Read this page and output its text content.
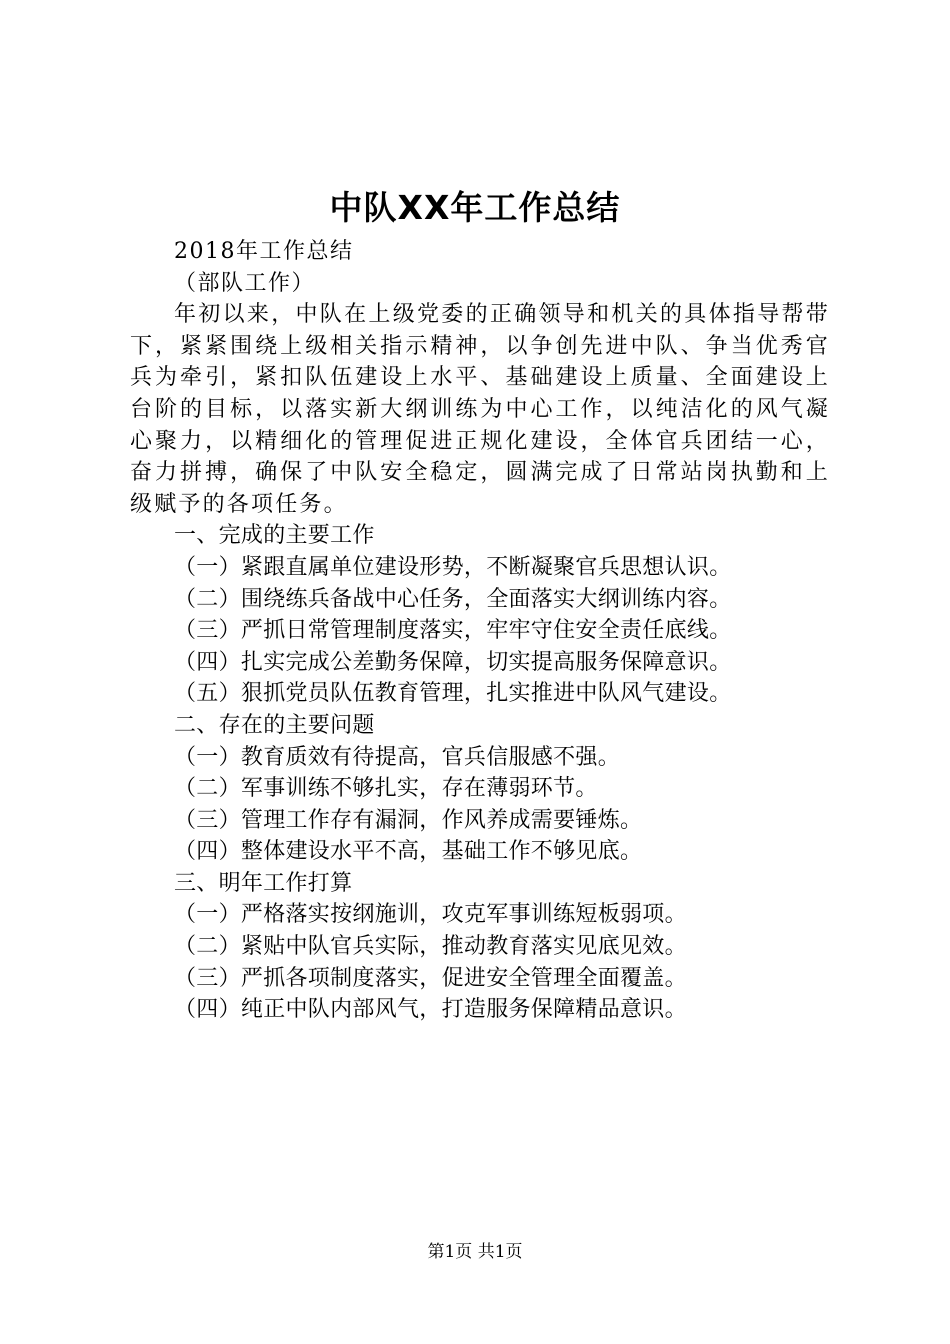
中队XX年工作总结
2018年工作总结
（部队工作）

年初以来，中队在上级党委的正确领导和机关的具体指导帮带下，紧紧围绕上级相关指示精神，以争创先进中队、争当优秀官兵为牵引，紧扣队伍建设上水平、基础建设上质量、全面建设上台阶的目标，以落实新大纲训练为中心工作，以纯洁化的风气凝心聚力，以精细化的管理促进正规化建设，全体官兵团结一心，奋力拼搏，确保了中队安全稳定，圆满完成了日常站岗执勤和上级赋予的各项任务。

一、完成的主要工作
（一）紧跟直属单位建设形势，不断凝聚官兵思想认识。
（二）围绕练兵备战中心任务，全面落实大纲训练内容。
（三）严抓日常管理制度落实，牢牢守住安全责任底线。
（四）扎实完成公差勤务保障，切实提高服务保障意识。
（五）狠抓党员队伍教育管理，扎实推进中队风气建设。
二、存在的主要问题
（一）教育质效有待提高，官兵信服感不强。
（二）军事训练不够扎实，存在薄弱环节。
（三）管理工作存有漏洞，作风养成需要锤炼。
（四）整体建设水平不高，基础工作不够见底。
三、明年工作打算
（一）严格落实按纲施训，攻克军事训练短板弱项。
（二）紧贴中队官兵实际，推动教育落实见底见效。
（三）严抓各项制度落实，促进安全管理全面覆盖。
（四）纯正中队内部风气，打造服务保障精品意识。
第1页 共1页
